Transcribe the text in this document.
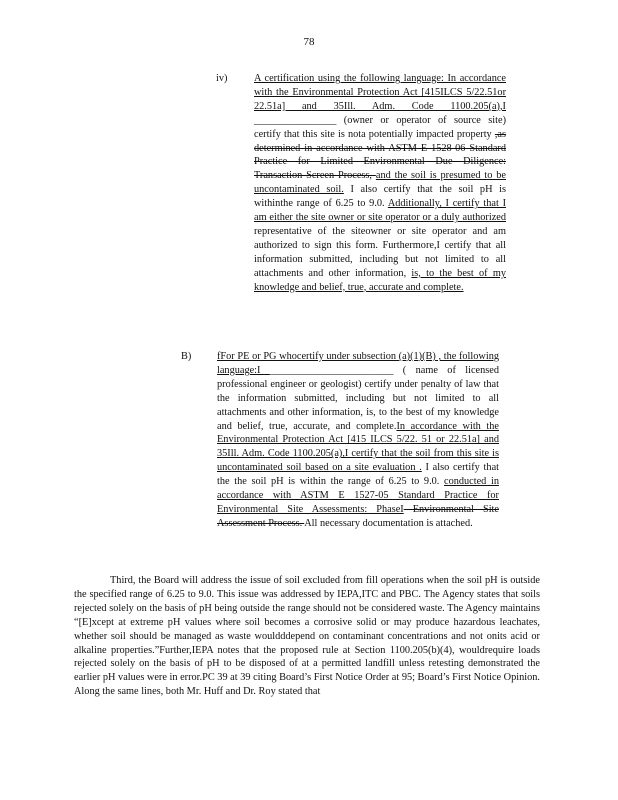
78

iv)	A certification using the following language: In accordance with the Environmental Protection Act [415ILCS 5/22.51or 22.51a] and 35Ill. Adm. Code 1100.205(a),I ________________ (owner or operator of source site) certify that this site is nota potentially impacted property ,as determined in accordance with ASTM E 1528-06 Standard Practice for Limited Environmental Due Diligence: Transaction Screen Process, and the soil is presumed to be uncontaminated soil. I also certify that the soil pH is withinthe range of 6.25 to 9.0. Additionally, I certify that I am either the site owner or site operator or a duly authorized representative of the siteowner or site operator and am authorized to sign this form. Furthermore,I certify that all information submitted, including but not limited to all attachments and other information, is, to the best of my knowledge and belief, true, accurate and complete.
B) fFor PE or PG whocertify under subsection (a)(1)(B) , the following language:I ________________________ ( name of licensed professional engineer or geologist) certify under penalty of law that the information submitted, including but not limited to all attachments and other information, is, to the best of my knowledge and belief, true, accurate, and complete.In accordance with the Environmental Protection Act [415 ILCS 5/22. 51 or 22.51a] and 35Ill. Adm. Code 1100.205(a),I certify that the soil from this site is uncontaminated soil based on a site evaluation . I also certify that the the soil pH is within the range of 6.25 to 9.0. conducted in accordance with ASTM E 1527-05 Standard Practice for Environmental Site Assessments: PhaseI Environmental Site Assessment Process. All necessary documentation is attached.

Third, the Board will address the issue of soil excluded from fill operations when the soil pH is outside the specified range of 6.25 to 9.0. This issue was addressed by IEPA,ITC and PBC. The Agency states that soils rejected solely on the basis of pH being outside the range should not be considered waste. The Agency maintains “[E]xcept at extreme pH values where soil becomes a corrosive solid or may produce hazardous leachates, whether soil should be managed as waste wouldddepend on contaminant concentrations and not onits acid or alkaline properties.”Further,IEPA notes that the proposed rule at Section 1100.205(b)(4), wouldrequire loads rejected solely on the basis of pH to be disposed of at a permitted landfill unless retesting demonstrated the earlier pH values were in error.PC 39 at 39 citing Board’s First Notice Order at 95; Board’s First Notice Opinion. Along the same lines, both Mr. Huff and Dr. Roy stated that
